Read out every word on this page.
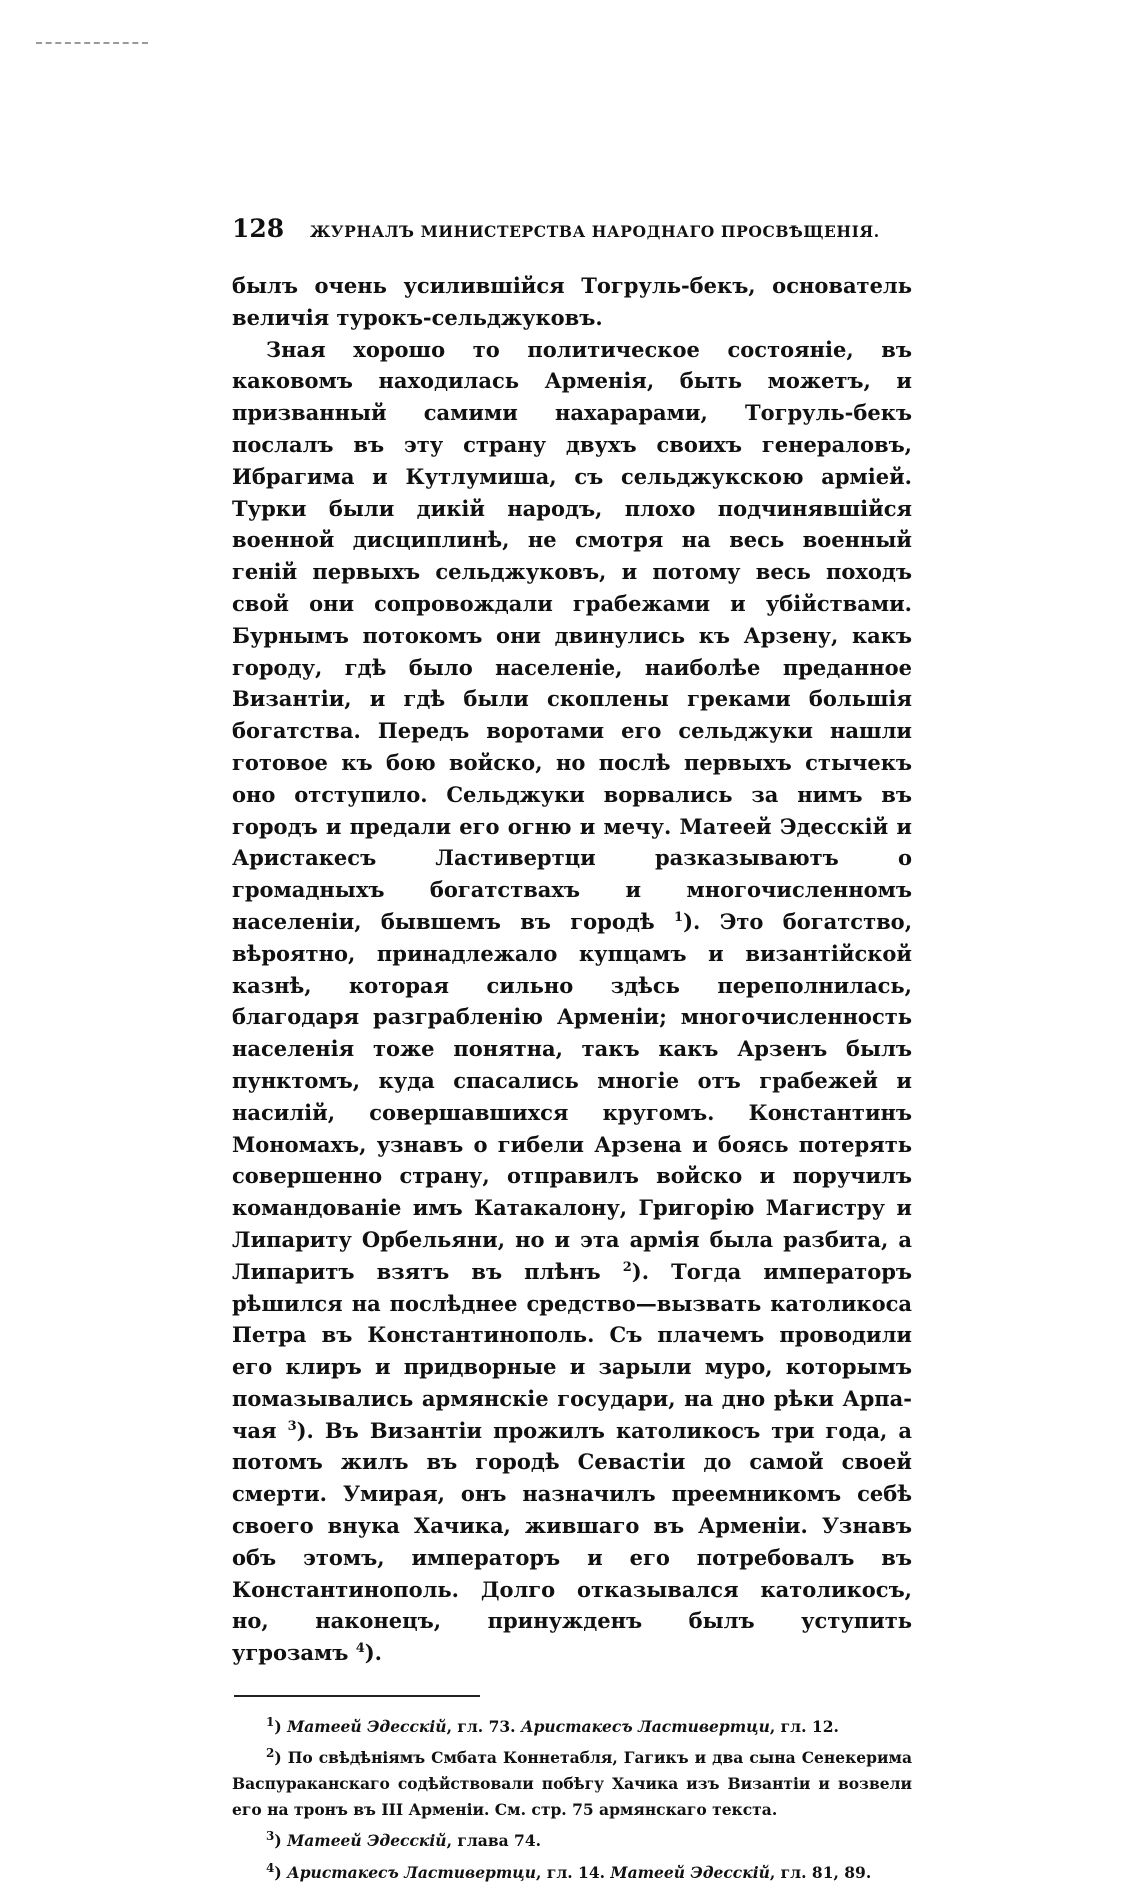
128	ЖУРНАЛЪ МИНИСТЕРСТВА НАРОДНАГО ПРОСВѢЩЕНІЯ.

былъ очень усилившійся Тогруль-бекъ, основатель величія турокъ-сельджуковъ.

Зная хорошо то политическое состояніе, въ каковомъ находилась Арменія, быть можетъ, и призванный самими нахарарами, Тогруль-бекъ послалъ въ эту страну двухъ своихъ генераловъ, Ибрагима и Кутлумиша, съ сельджукскою арміей. Турки были дикій народъ, плохо подчинявшійся военной дисциплинѣ, не смотря на весь военный геній первыхъ сельджуковъ, и потому весь походъ свой они сопровождали грабежами и убійствами. Бурнымъ потокомъ они двинулись къ Арзену, какъ городу, гдѣ было населеніе, наиболѣе преданное Византіи, и гдѣ были скоплены греками большія богатства. Передъ воротами его сельджуки нашли готовое къ бою войско, но послѣ первыхъ стычекъ оно отступило. Сельджуки ворвались за нимъ въ городъ и предали его огню и мечу. Матеей Эдесскій и Аристакесъ Ластивертци разказываютъ о громадныхъ богатствахъ и многочисленномъ населеніи, бывшемъ въ городѣ $^1$). Это богатство, вѣроятно, принадлежало купцамъ и византійской казнѣ, которая сильно здѣсь переполнилась, благодаря разграбленію Арменіи; многочисленность населенія тоже понятна, такъ какъ Арзенъ былъ пунктомъ, куда спасались многіе отъ грабежей и насилій, совершавшихся кругомъ. Константинъ Мономахъ, узнавъ о гибели Арзена и боясь потерять совершенно страну, отправилъ войско и поручилъ командованіе имъ Катакалону, Григорію Магистру и Липариту Орбельяни, но и эта армія была разбита, а Липаритъ взятъ въ плѣнъ $^2$). Тогда императоръ рѣшился на послѣднее средство—вызвать католикоса Петра въ Константинополь. Съ плачемъ проводили его клиръ и придворные и зарыли муро, которымъ помазывались армянскіе государи, на дно рѣки Арпа-чая $^3$). Въ Византіи прожилъ католикосъ три года, а потомъ жилъ въ городѣ Севастіи до самой своей смерти. Умирая, онъ назначилъ преемникомъ себѣ своего внука Хачика, жившаго въ Арменіи. Узнавъ объ этомъ, императоръ и его потребовалъ въ Константинополь. Долго отказывался католикосъ, но, наконецъ, принужденъ былъ уступить угрозамъ $^4$).

$^1$) Матеей Эдесскій, гл. 73. Аристакесъ Ластивертци, гл. 12.

$^2$) По свѣдѣніямъ Смбата Коннетабля, Гагикъ и два сына Сенекерима Васпураканскаго содѣйствовали побѣгу Хачика изъ Византіи и возвели его на тронъ въ III Арменіи. См. стр. 75 армянскаго текста.

$^3$) Матеей Эдесскій, глава 74.

$^4$) Аристакесъ Ластивертци, гл. 14. Матеей Эдесскій, гл. 81, 89.
